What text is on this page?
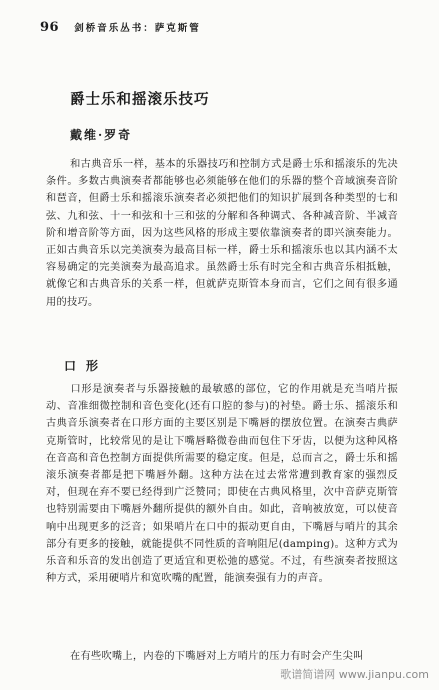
96 剑桥音乐丛书：萨克斯管
爵士乐和摇滚乐技巧
戴维·罗奇

和古典音乐一样，基本的乐器技巧和控制方式是爵士乐和摇滚乐的先决条件。多数古典演奏者都能够也必须能够在他们的乐器的整个音域演奏音阶和琶音，但爵士乐和摇滚乐演奏者必须把他们的知识扩展到各种类型的七和弦、九和弦、十一和弦和十三和弦的分解和各种调式、各种减音阶、半减音阶和增音阶等方面，因为这些风格的形成主要依靠演奏者的即兴演奏能力。正如古典音乐以完美演奏为最高目标一样，爵士乐和摇滚乐也以其内涵不太容易确定的完美演奏为最高追求。虽然爵士乐有时完全和古典音乐相抵触，就像它和古典音乐的关系一样，但就萨克斯管本身而言，它们之间有很多通用的技巧。

口形

口形是演奏者与乐器接触的最敏感的部位，它的作用就是充当哨片振动、音准细微控制和音色变化(还有口腔的参与)的衬垫。爵士乐、摇滚乐和古典音乐演奏者在口形方面的主要区别是下嘴唇的摆放位置。在演奏古典萨克斯管时，比较常见的是让下嘴唇略微卷曲而包住下牙齿，以便为这种风格在音高和音色控制方面提供所需要的稳定度。但是，总而言之，爵士乐和摇滚乐演奏者都是把下嘴唇外翻。这种方法在过去常常遭到教育家的强烈反对，但现在弃不要已经得到广泛赞同；即使在古典风格里，次中音萨克斯管也特别需要由下嘴唇外翻所提供的额外自由。如此，音响被放宽，可以使音响中出现更多的泛音；如果哨片在口中的振动更自由，下嘴唇与哨片的其余部分有更多的接触，就能提供不同性质的音响阻尼(damping)。这种方式为乐音和乐音的发出创造了更适宜和更松弛的感觉。不过，有些演奏者按照这种方式，采用硬哨片和宽吹嘴的配置，能演奏强有力的声音。

在有些吹嘴上，内卷的下嘴唇对上方哨片的压力有时会产生尖叫

歌谱简谱网 www.jianpu.com
